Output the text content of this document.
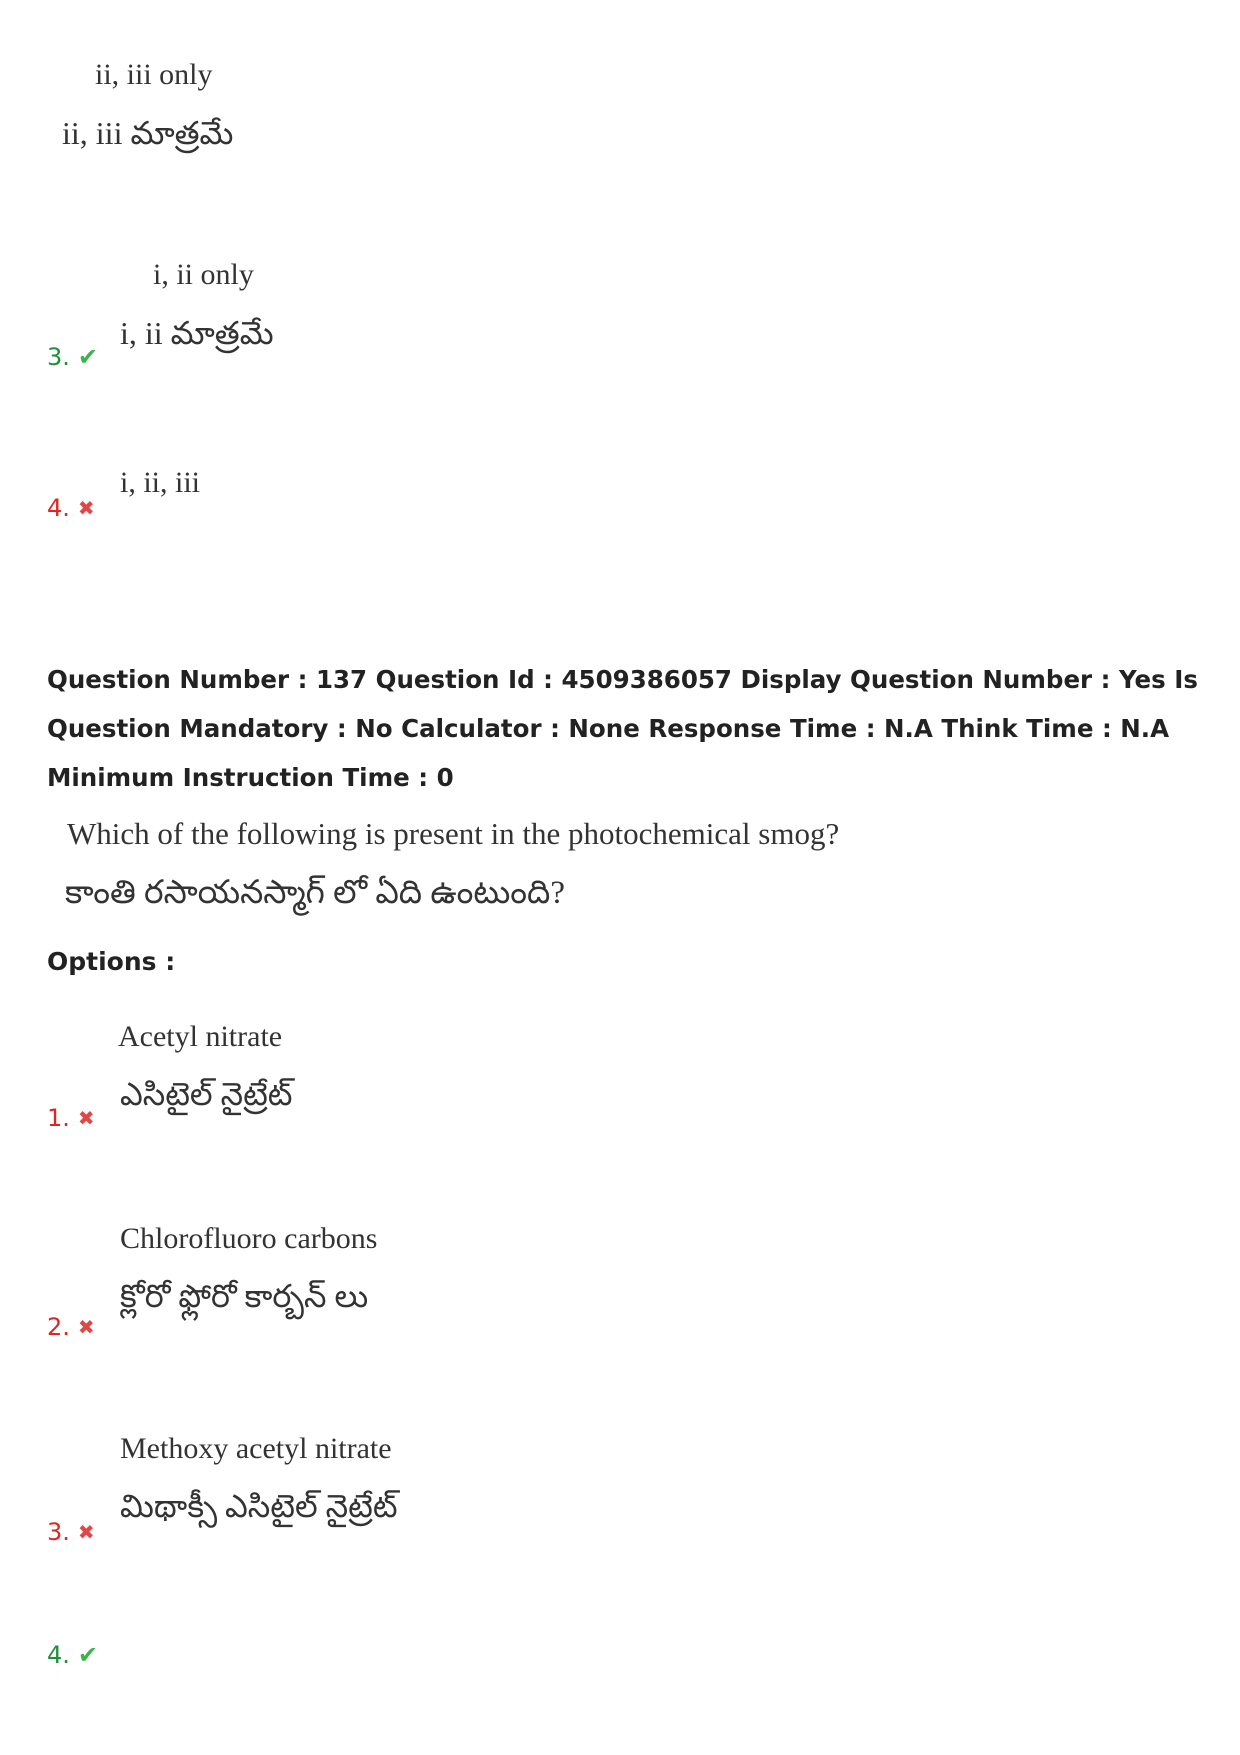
ii, iii only
ii, iii మాత్రమే
i, ii only
i, ii మాత్రమే
3. ✔
i, ii, iii
4. ✖
Question Number : 137 Question Id : 4509386057 Display Question Number : Yes Is Question Mandatory : No Calculator : None Response Time : N.A Think Time : N.A Minimum Instruction Time : 0
Which of the following is present in the photochemical smog?
కాంతి రసాయనస్మాగ్ లో ఏది ఉంటుంది?
Options :
Acetyl nitrate
ఎసిటైల్ నైట్రేట్
1. ✖
Chlorofluoro carbons
క్లోరో ఫ్లోరో కార్బన్ లు
2. ✖
Methoxy acetyl nitrate
మిథాక్సీ ఎసిటైల్ నైట్రేట్
3. ✖
4. ✔
